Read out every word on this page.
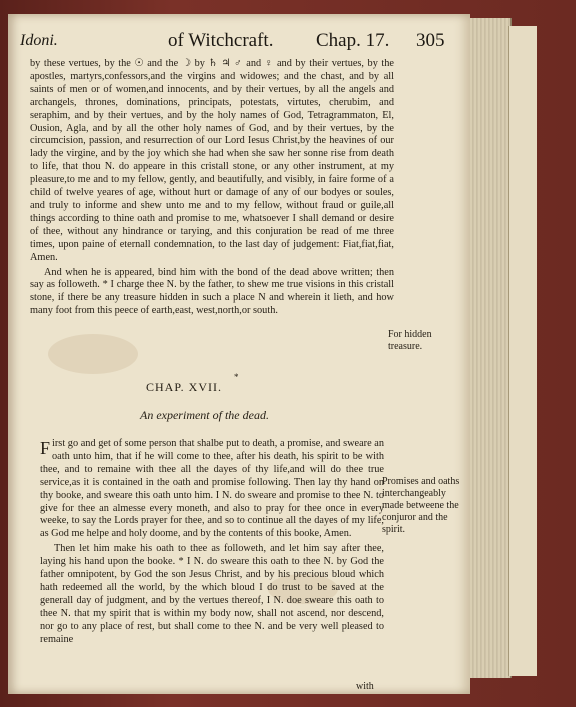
Idoni.	of Witchcraft. Chap. 17. 305

by these vertues, by the ☉ and the ☽ by ♄ ♃ ♂ and ♀ and by their vertues, by the apostles, martyrs,confessors,and the virgins and widowes; and the chast, and by all saints of men or of women,and innocents, and by their vertues, by all the angels and archangels, thrones, dominations, principats, potestats, virtutes, cherubim, and seraphim, and by their vertues, and by the holy names of God, Tetragrammaton, El, Ousion, Agla, and by all the other holy names of God, and by their vertues, by the circumcision, passion, and resurrection of our Lord Iesus Christ,by the heavines of our lady the virgine, and by the joy which she had when she saw her sonne rise from death to life, that thou N. do appeare in this cristall stone, or any other instrument, at my pleasure,to me and to my fellow, gently, and beautifully, and visibly, in faire forme of a child of twelve yeares of age, without hurt or damage of any of our bodyes or soules, and truly to informe and shew unto me and to my fellow, without fraud or guile,all things according to thine oath and promise to me, whatsoever I shall demand or desire of thee, without any hindrance or tarying, and this conjuration be read of me three times, upon paine of eternall condemnation, to the last day of judgement: Fiat,fiat,fiat, Amen.

And when he is appeared, bind him with the bond of the dead above written; then say as followeth. * I charge thee N. by the father, to shew me true visions in this cristall stone, if there be any treasure hidden in such a place N and wherein it lieth, and how many foot from this peece of earth,east, west,north,or south.

For hidden treasure.
*
CHAP. XVII.
An experiment of the dead.

First go and get of some person that shalbe put to death, a promise, and sweare an oath unto him, that if he will come to thee, after his death, his spirit to be with thee, and to remaine with thee all the dayes of thy life,and will do thee true service,as it is contained in the oath and promise following. Then lay thy hand on thy booke, and sweare this oath unto him. I N. do sweare and promise to thee N. to give for thee an almesse every moneth, and also to pray for thee once in every weeke, to say the Lords prayer for thee, and so to continue all the dayes of my life, as God me helpe and holy doome, and by the contents of this booke, Amen.

Then let him make his oath to thee as followeth, and let him say after thee, laying his hand upon the booke. * I N. do sweare this oath to thee N. by God the father omnipotent, by God the son Jesus Christ, and by his precious bloud which hath redeemed all the world, by the which bloud I do trust to be saved at the generall day of judgment, and by the vertues thereof, I N. doe sweare this oath to thee N. that my spirit that is within my body now, shall not ascend, nor descend, nor go to any place of rest, but shall come to thee N. and be very well pleased to remaine

Promises and oaths interchangeably made betweene the conjuror and the spirit.
with
